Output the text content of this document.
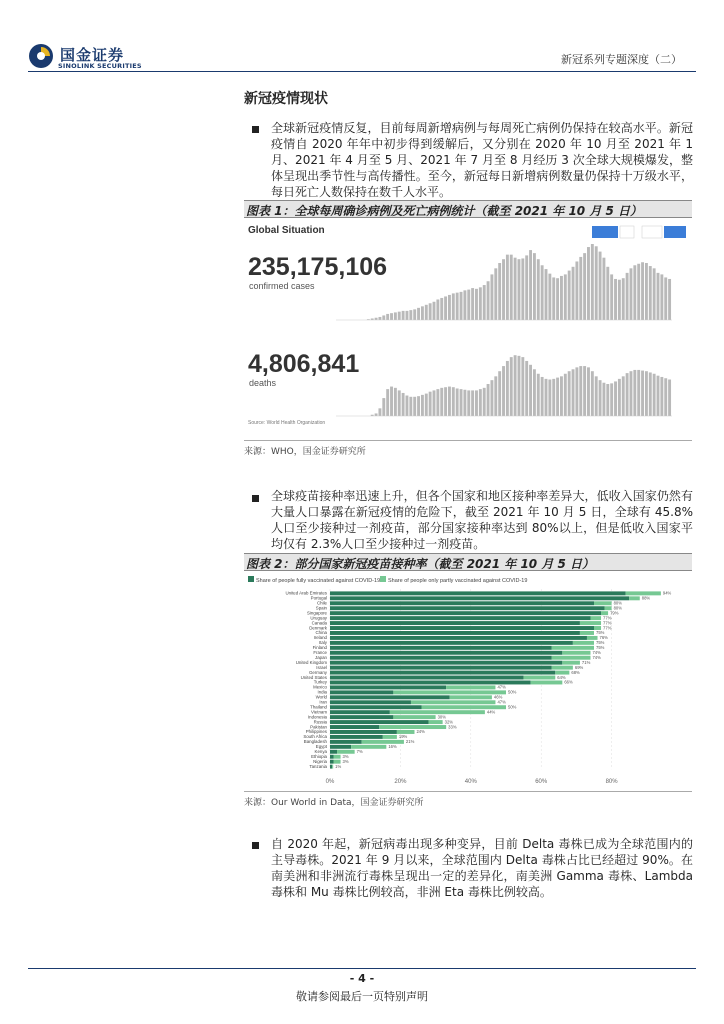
国金证券
SINOLINK SECURITIES	新冠系列专题深度（二）
新冠疫情现状
全球新冠疫情反复，目前每周新增病例与每周死亡病例仍保持在较高水平。新冠疫情自 2020 年年中初步得到缓解后，又分别在 2020 年 10 月至 2021 年 1 月、2021 年 4 月至 5 月、2021 年 7 月至 8 月经历 3 次全球大规模爆发，整体呈现出季节性与高传播性。至今，新冠每日新增病例数量仍保持十万级水平，每日死亡人数保持在数千人水平。
图表 1：全球每周确诊病例及死亡病例统计（截至 2021 年 10 月 5 日）
Global Situation
235,175,106
confirmed cases
4,806,841
deaths
Source: World Health Organization
来源：WHO，国金证券研究所
全球疫苗接种率迅速上升，但各个国家和地区接种率差异大，低收入国家仍然有大量人口暴露在新冠疫情的危险下，截至 2021 年 10 月 5 日，全球有 45.8%人口至少接种过一剂疫苗，部分国家接种率达到 80%以上，但是低收入国家平均仅有 2.3%人口至少接种过一剂疫苗。
图表 2：部分国家新冠疫苗接种率（截至 2021 年 10 月 5 日）
Share of people fully vaccinated against COVID-19 Share of people only partly vaccinated against COVID-19
United Arab Emirates	94%
Portugal	88%
Chile	80%
Spain	80%
Singapore	79%
Uruguay	77%
Canada	77%
Denmark	77%
China	75%
Ireland	76%
Italy	75%
Finland	75%
France	74%
Japan	74%
United Kingdom	71%
Israel	69%
Germany	68%
United States	64%
Turkey	66%
Mexico	47%
India	50%
World	46%
Iran	47%
Thailand	50%
Vietnam	44%
Indonesia	30%
Russia	32%
Pakistan	33%
Philippines	24%
South Africa	19%
Bangladesh	21%
Egypt	16%
Kenya	7%
Ethiopia	3%
Nigeria	3%
Tanzania 1%
0%	20%	40%	60%	80%
来源：Our World in Data，国金证券研究所
自 2020 年起，新冠病毒出现多种变异，目前 Delta 毒株已成为全球范围内的主导毒株。2021 年 9 月以来，全球范围内 Delta 毒株占比已经超过 90%。在南美洲和非洲流行毒株呈现出一定的差异化，南美洲 Gamma 毒株、Lambda 毒株和 Mu 毒株比例较高，非洲 Eta 毒株比例较高。
- 4 -
敬请参阅最后一页特别声明
